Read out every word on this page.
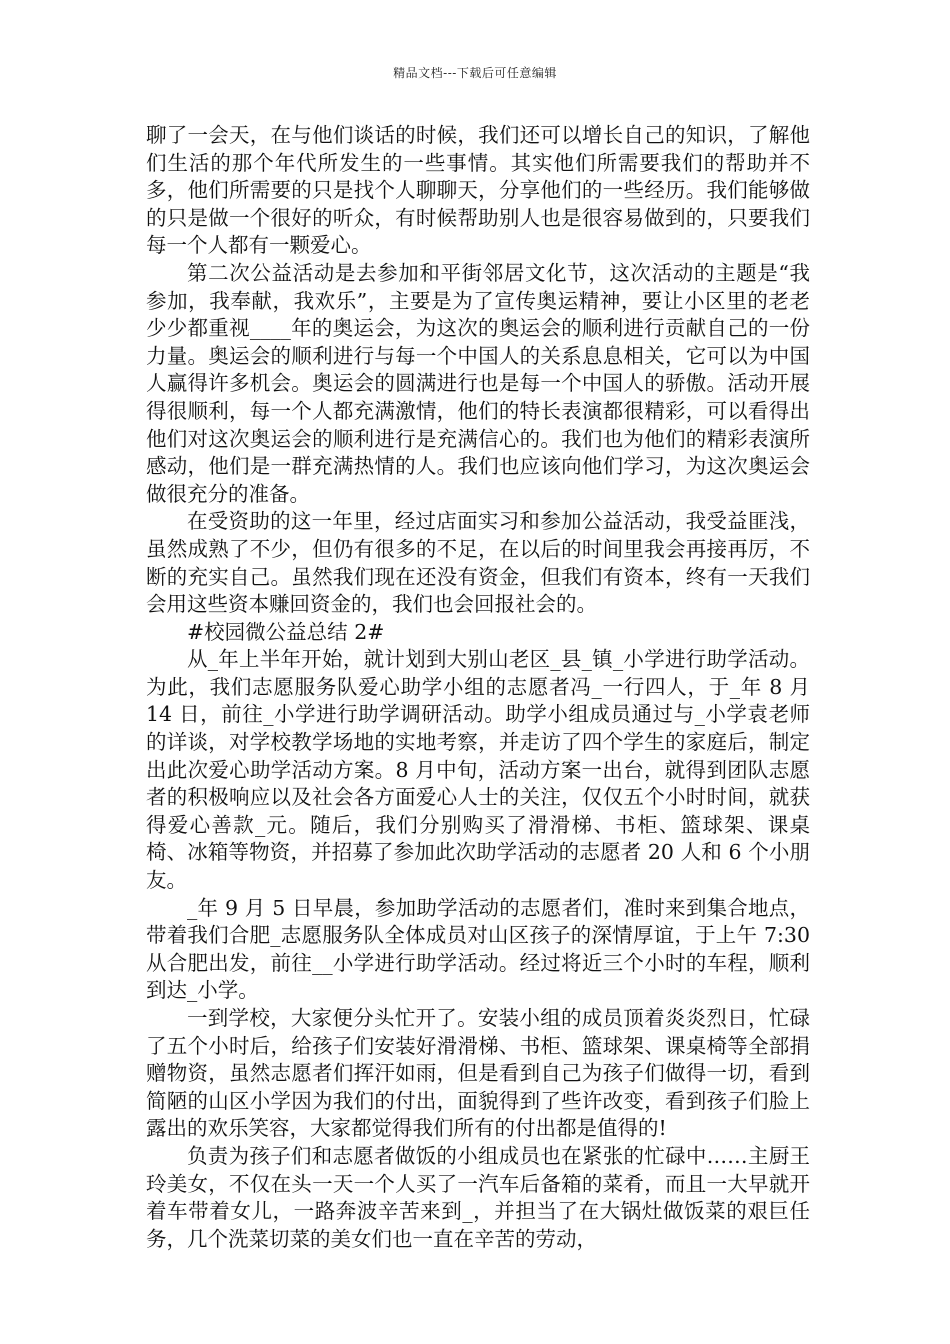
精品文档---下载后可任意编辑

聊了一会天，在与他们谈话的时候，我们还可以增长自己的知识，了解他们生活的那个年代所发生的一些事情。其实他们所需要我们的帮助并不多，他们所需要的只是找个人聊聊天，分享他们的一些经历。我们能够做的只是做一个很好的听众，有时候帮助别人也是很容易做到的，只要我们每一个人都有一颗爱心。

第二次公益活动是去参加和平街邻居文化节，这次活动的主题是“我参加，我奉献，我欢乐”，主要是为了宣传奥运精神，要让小区里的老老少少都重视____年的奥运会，为这次的奥运会的顺利进行贡献自己的一份力量。奥运会的顺利进行与每一个中国人的关系息息相关，它可以为中国人赢得许多机会。奥运会的圆满进行也是每一个中国人的骄傲。活动开展得很顺利，每一个人都充满激情，他们的特长表演都很精彩，可以看得出他们对这次奥运会的顺利进行是充满信心的。我们也为他们的精彩表演所感动，他们是一群充满热情的人。我们也应该向他们学习，为这次奥运会做很充分的准备。

在受资助的这一年里，经过店面实习和参加公益活动，我受益匪浅，虽然成熟了不少，但仍有很多的不足，在以后的时间里我会再接再厉，不断的充实自己。虽然我们现在还没有资金，但我们有资本，终有一天我们会用这些资本赚回资金的，我们也会回报社会的。

#校园微公益总结 2#

从_年上半年开始，就计划到大别山老区_县_镇_小学进行助学活动。为此，我们志愿服务队爱心助学小组的志愿者冯_一行四人，于_年 8 月 14 日，前往_小学进行助学调研活动。助学小组成员通过与_小学袁老师的详谈，对学校教学场地的实地考察，并走访了四个学生的家庭后，制定出此次爱心助学活动方案。8 月中旬，活动方案一出台，就得到团队志愿者的积极响应以及社会各方面爱心人士的关注，仅仅五个小时时间，就获得爱心善款_元。随后，我们分别购买了滑滑梯、书柜、篮球架、课桌椅、冰箱等物资，并招募了参加此次助学活动的志愿者 20 人和 6 个小朋友。

_年 9 月 5 日早晨，参加助学活动的志愿者们，准时来到集合地点，带着我们合肥_志愿服务队全体成员对山区孩子的深情厚谊，于上午 7:30 从合肥出发，前往__小学进行助学活动。经过将近三个小时的车程，顺利到达_小学。

一到学校，大家便分头忙开了。安装小组的成员顶着炎炎烈日，忙碌了五个小时后，给孩子们安装好滑滑梯、书柜、篮球架、课桌椅等全部捐赠物资，虽然志愿者们挥汗如雨，但是看到自己为孩子们做得一切，看到简陋的山区小学因为我们的付出，面貌得到了些许改变，看到孩子们脸上露出的欢乐笑容，大家都觉得我们所有的付出都是值得的!

负责为孩子们和志愿者做饭的小组成员也在紧张的忙碌中……主厨王玲美女，不仅在头一天一个人买了一汽车后备箱的菜肴，而且一大早就开着车带着女儿，一路奔波辛苦来到_，并担当了在大锅灶做饭菜的艰巨任务，几个洗菜切菜的美女们也一直在辛苦的劳动，
